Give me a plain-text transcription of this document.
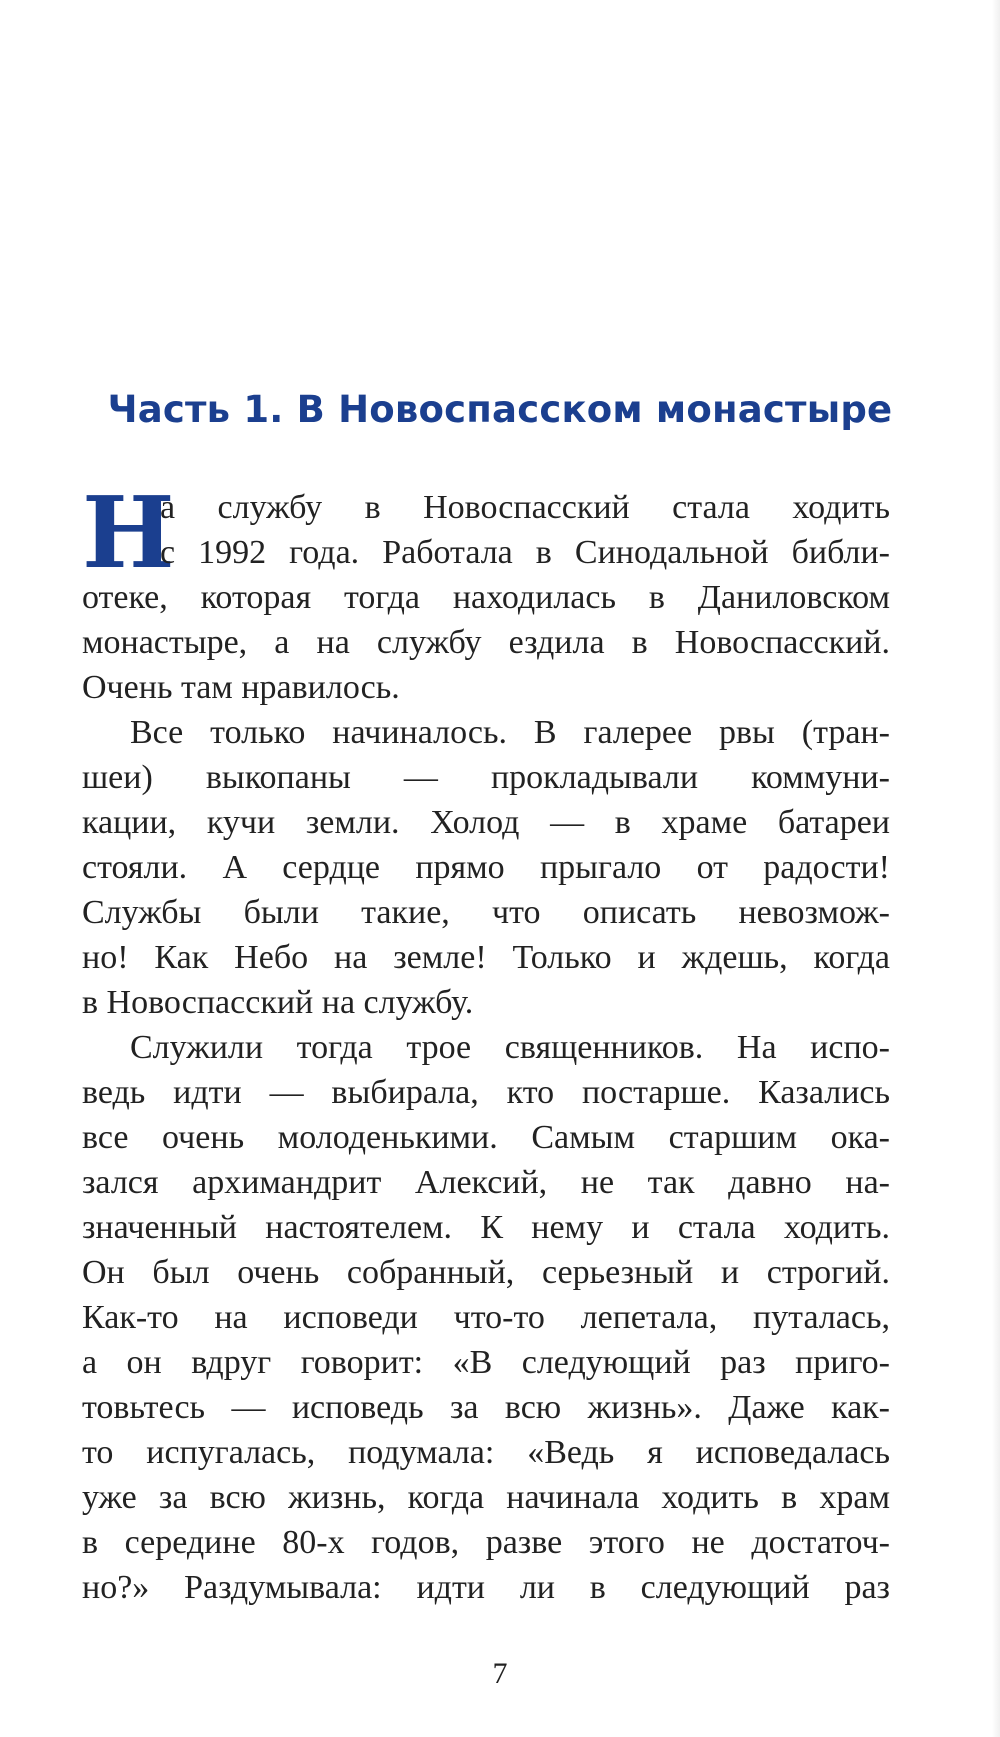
Часть 1. В Новоспасском монастыре
Н
а службу в Новоспасский стала ходить
с 1992 года. Работала в Синодальной библи-
отеке, которая тогда находилась в Даниловском
монастыре, а на службу ездила в Новоспасский.
Очень там нравилось.
Все только начиналось. В галерее рвы (тран-
шеи) выкопаны — прокладывали коммуни-
кации, кучи земли. Холод — в храме батареи
стояли. А сердце прямо прыгало от радости!
Службы были такие, что описать невозмож-
но! Как Небо на земле! Только и ждешь, когда
в Новоспасский на службу.
Служили тогда трое священников. На испо-
ведь идти — выбирала, кто постарше. Казались
все очень молоденькими. Самым старшим ока-
зался архимандрит Алексий, не так давно на-
значенный настоятелем. К нему и стала ходить.
Он был очень собранный, серьезный и строгий.
Как-то на исповеди что-то лепетала, путалась,
а он вдруг говорит: «В следующий раз приго-
товьтесь — исповедь за всю жизнь». Даже как-
то испугалась, подумала: «Ведь я исповедалась
уже за всю жизнь, когда начинала ходить в храм
в середине 80-х годов, разве этого не достаточ-
но?» Раздумывала: идти ли в следующий раз
7
